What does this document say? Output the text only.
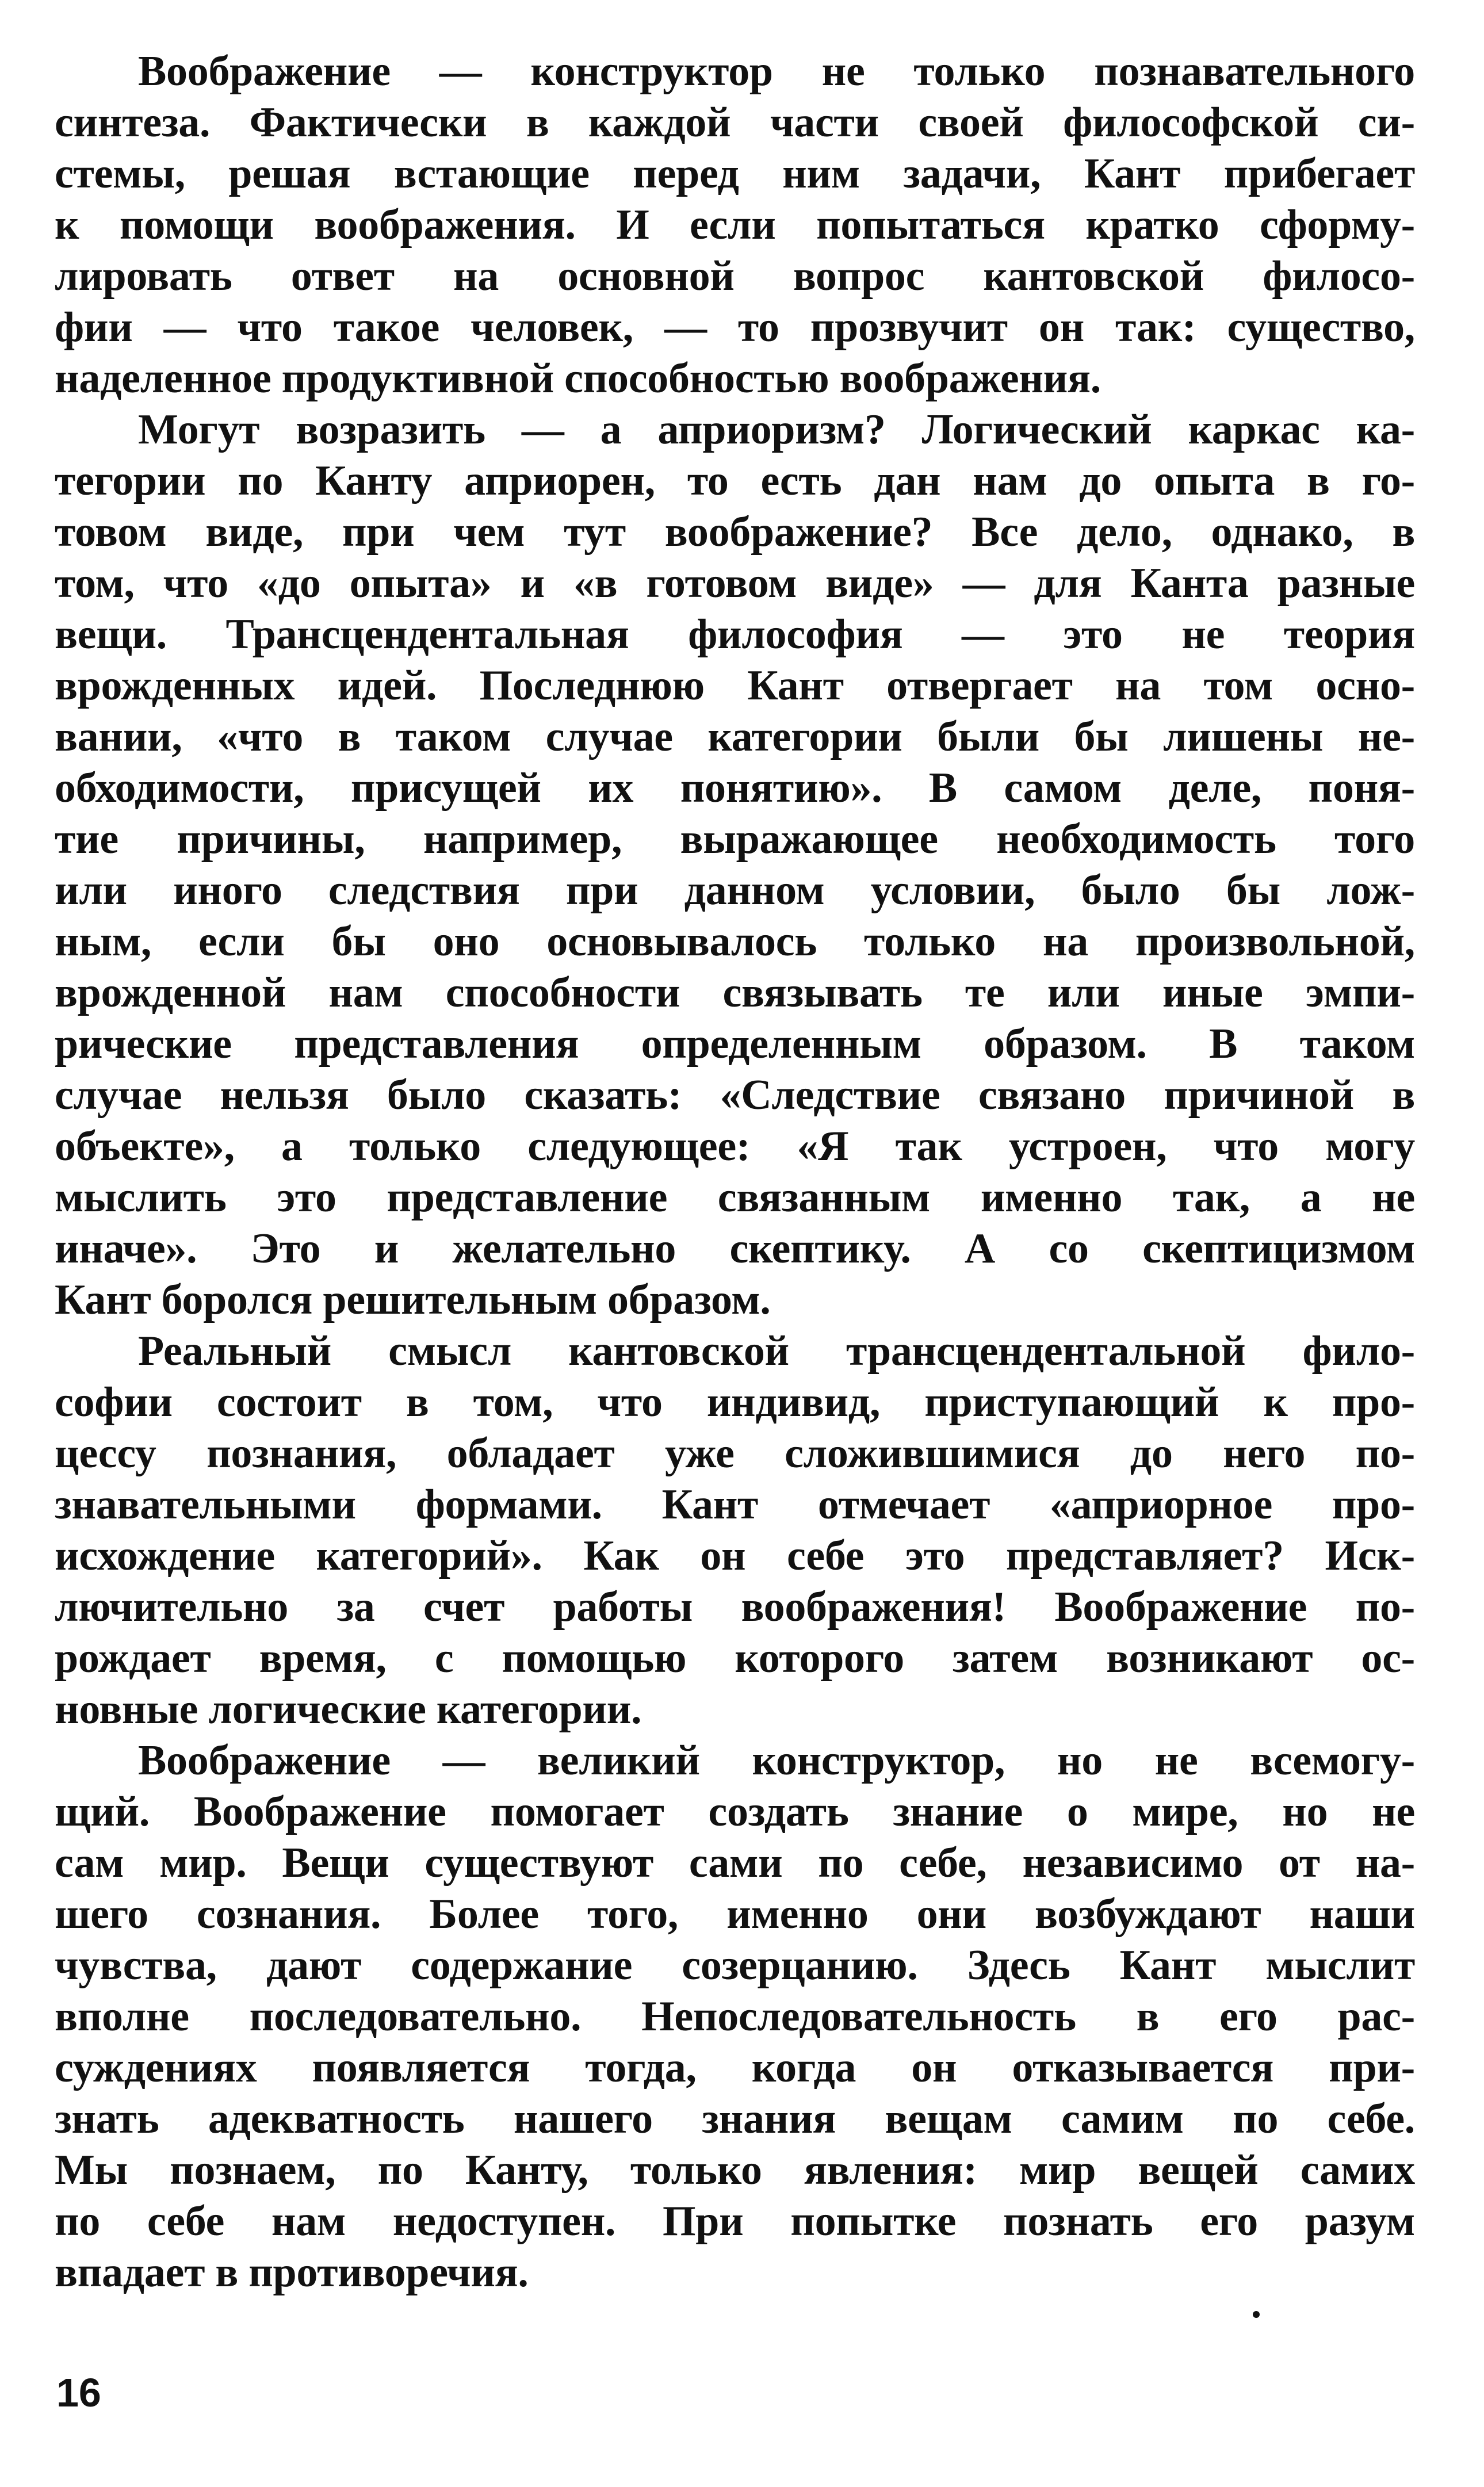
Воображение — конструктор не только познавательного
синтеза. Фактически в каждой части своей философской си-
стемы, решая встающие перед ним задачи, Кант прибегает
к помощи воображения. И если попытаться кратко сформу-
лировать ответ на основной вопрос кантовской филосо-
фии — что такое человек, — то прозвучит он так: существо,
наделенное продуктивной способностью воображения.

Могут возразить — а априоризм? Логический каркас ка-
тегории по Канту априорен, то есть дан нам до опыта в го-
товом виде, при чем тут воображение? Все дело, однако, в
том, что «до опыта» и «в готовом виде» — для Канта разные
вещи. Трансцендентальная философия — это не теория
врожденных идей. Последнюю Кант отвергает на том осно-
вании, «что в таком случае категории были бы лишены не-
обходимости, присущей их понятию». В самом деле, поня-
тие причины, например, выражающее необходимость того
или иного следствия при данном условии, было бы лож-
ным, если бы оно основывалось только на произвольной,
врожденной нам способности связывать те или иные эмпи-
рические представления определенным образом. В таком
случае нельзя было сказать: «Следствие связано причиной в
объекте», а только следующее: «Я так устроен, что могу
мыслить это представление связанным именно так, а не
иначе». Это и желательно скептику. А со скептицизмом
Кант боролся решительным образом.

Реальный смысл кантовской трансцендентальной фило-
софии состоит в том, что индивид, приступающий к про-
цессу познания, обладает уже сложившимися до него по-
знавательными формами. Кант отмечает «априорное про-
исхождение категорий». Как он себе это представляет? Иск-
лючительно за счет работы воображения! Воображение по-
рождает время, с помощью которого затем возникают ос-
новные логические категории.

Воображение — великий конструктор, но не всемогу-
щий. Воображение помогает создать знание о мире, но не
сам мир. Вещи существуют сами по себе, независимо от на-
шего сознания. Более того, именно они возбуждают наши
чувства, дают содержание созерцанию. Здесь Кант мыслит
вполне последовательно. Непоследовательность в его рас-
суждениях появляется тогда, когда он отказывается при-
знать адекватность нашего знания вещам самим по себе.
Мы познаем, по Канту, только явления: мир вещей самих
по себе нам недоступен. При попытке познать его разум
впадает в противоречия.

16
